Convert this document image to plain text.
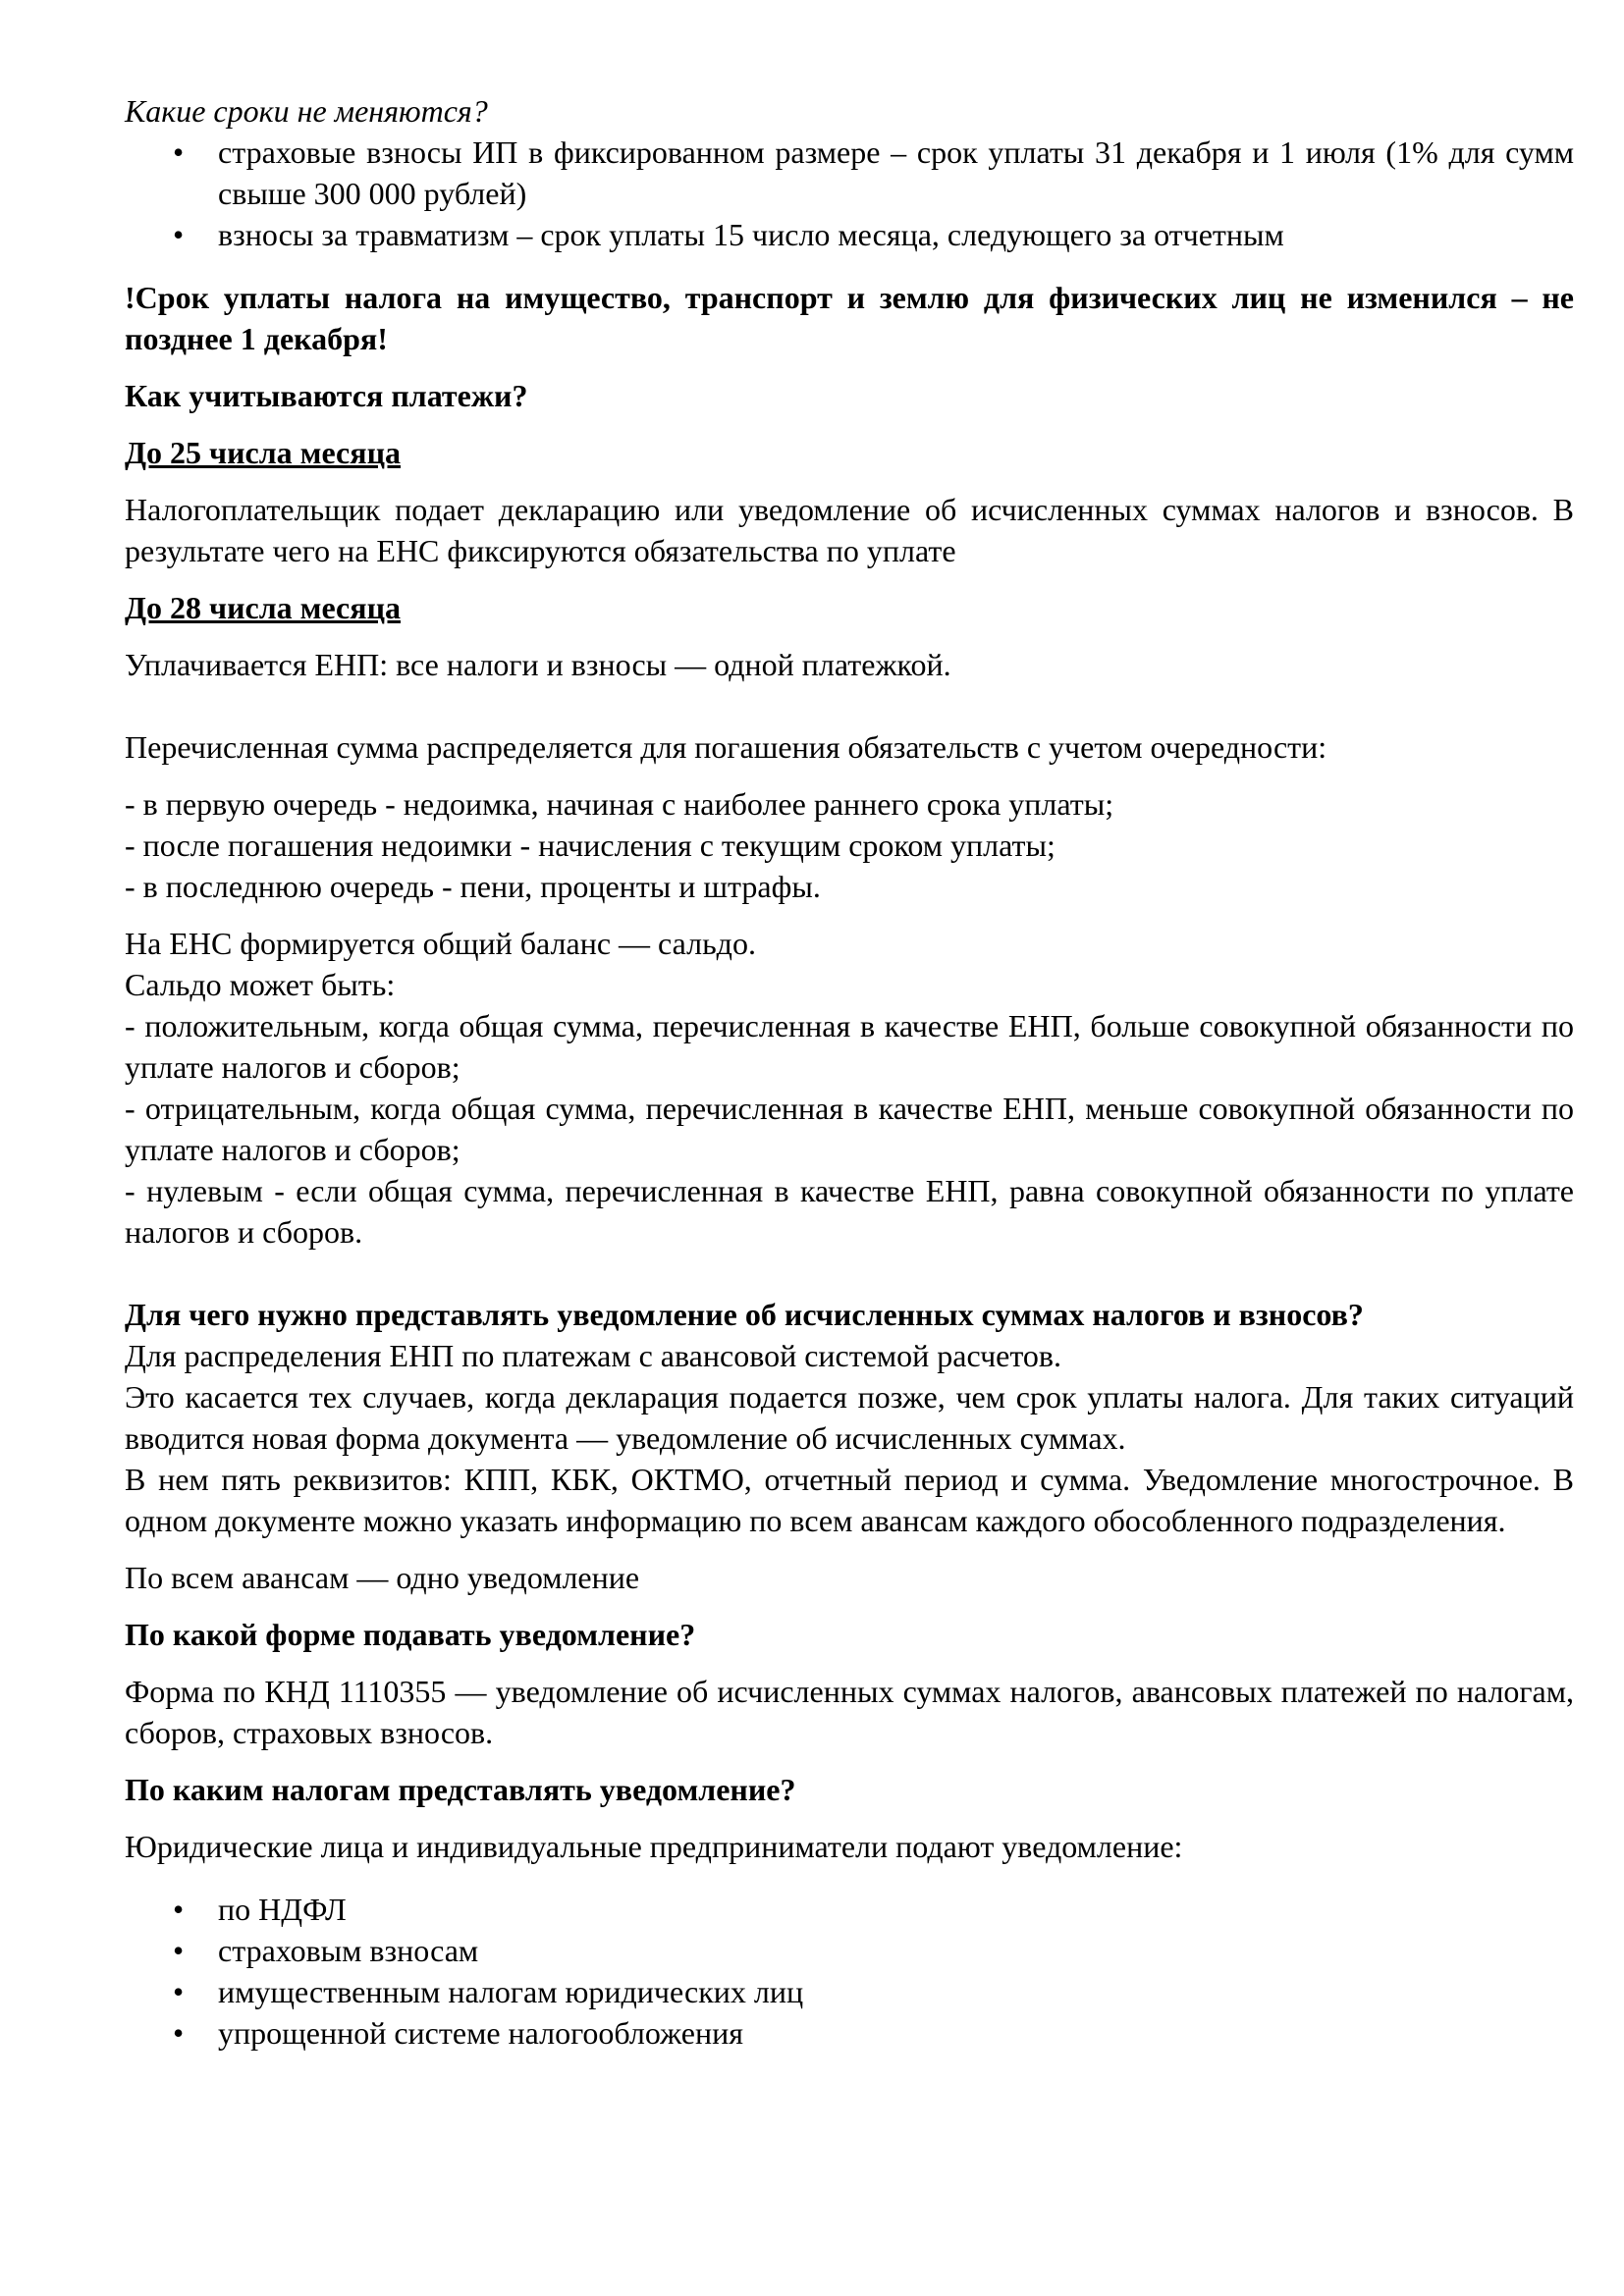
Какие сроки не меняются?

• страховые взносы ИП в фиксированном размере – срок уплаты 31 декабря и 1 июля (1% для сумм свыше 300 000 рублей)
• взносы за травматизм – срок уплаты 15 число месяца, следующего за отчетным

!Срок уплаты налога на имущество, транспорт и землю для физических лиц не изменился – не позднее 1 декабря!

Как учитываются платежи?

До 25 числа месяца

Налогоплательщик подает декларацию или уведомление об исчисленных суммах налогов и взносов. В результате чего на ЕНС фиксируются обязательства по уплате

До 28 числа месяца

Уплачивается ЕНП: все налоги и взносы — одной платежкой.

Перечисленная сумма распределяется для погашения обязательств с учетом очередности:

- в первую очередь - недоимка, начиная с наиболее раннего срока уплаты;

- после погашения недоимки - начисления с текущим сроком уплаты;

- в последнюю очередь - пени, проценты и штрафы.

На ЕНС формируется общий баланс — сальдо.

Сальдо может быть:

- положительным, когда общая сумма, перечисленная в качестве ЕНП, больше совокупной обязанности по уплате налогов и сборов;

- отрицательным, когда общая сумма, перечисленная в качестве ЕНП, меньше совокупной обязанности по уплате налогов и сборов;

- нулевым - если общая сумма, перечисленная в качестве ЕНП, равна совокупной обязанности по уплате налогов и сборов.

Для чего нужно представлять уведомление об исчисленных суммах налогов и взносов?

Для распределения ЕНП по платежам с авансовой системой расчетов.

Это касается тех случаев, когда декларация подается позже, чем срок уплаты налога. Для таких ситуаций вводится новая форма документа — уведомление об исчисленных суммах.

В нем пять реквизитов: КПП, КБК, ОКТМО, отчетный период и сумма. Уведомление многострочное. В одном документе можно указать информацию по всем авансам каждого обособленного подразделения.

По всем авансам — одно уведомление

По какой форме подавать уведомление?

Форма по КНД 1110355 — уведомление об исчисленных суммах налогов, авансовых платежей по налогам, сборов, страховых взносов.

По каким налогам представлять уведомление?

Юридические лица и индивидуальные предприниматели подают уведомление:

• по НДФЛ
• страховым взносам
• имущественным налогам юридических лиц
• упрощенной системе налогообложения
